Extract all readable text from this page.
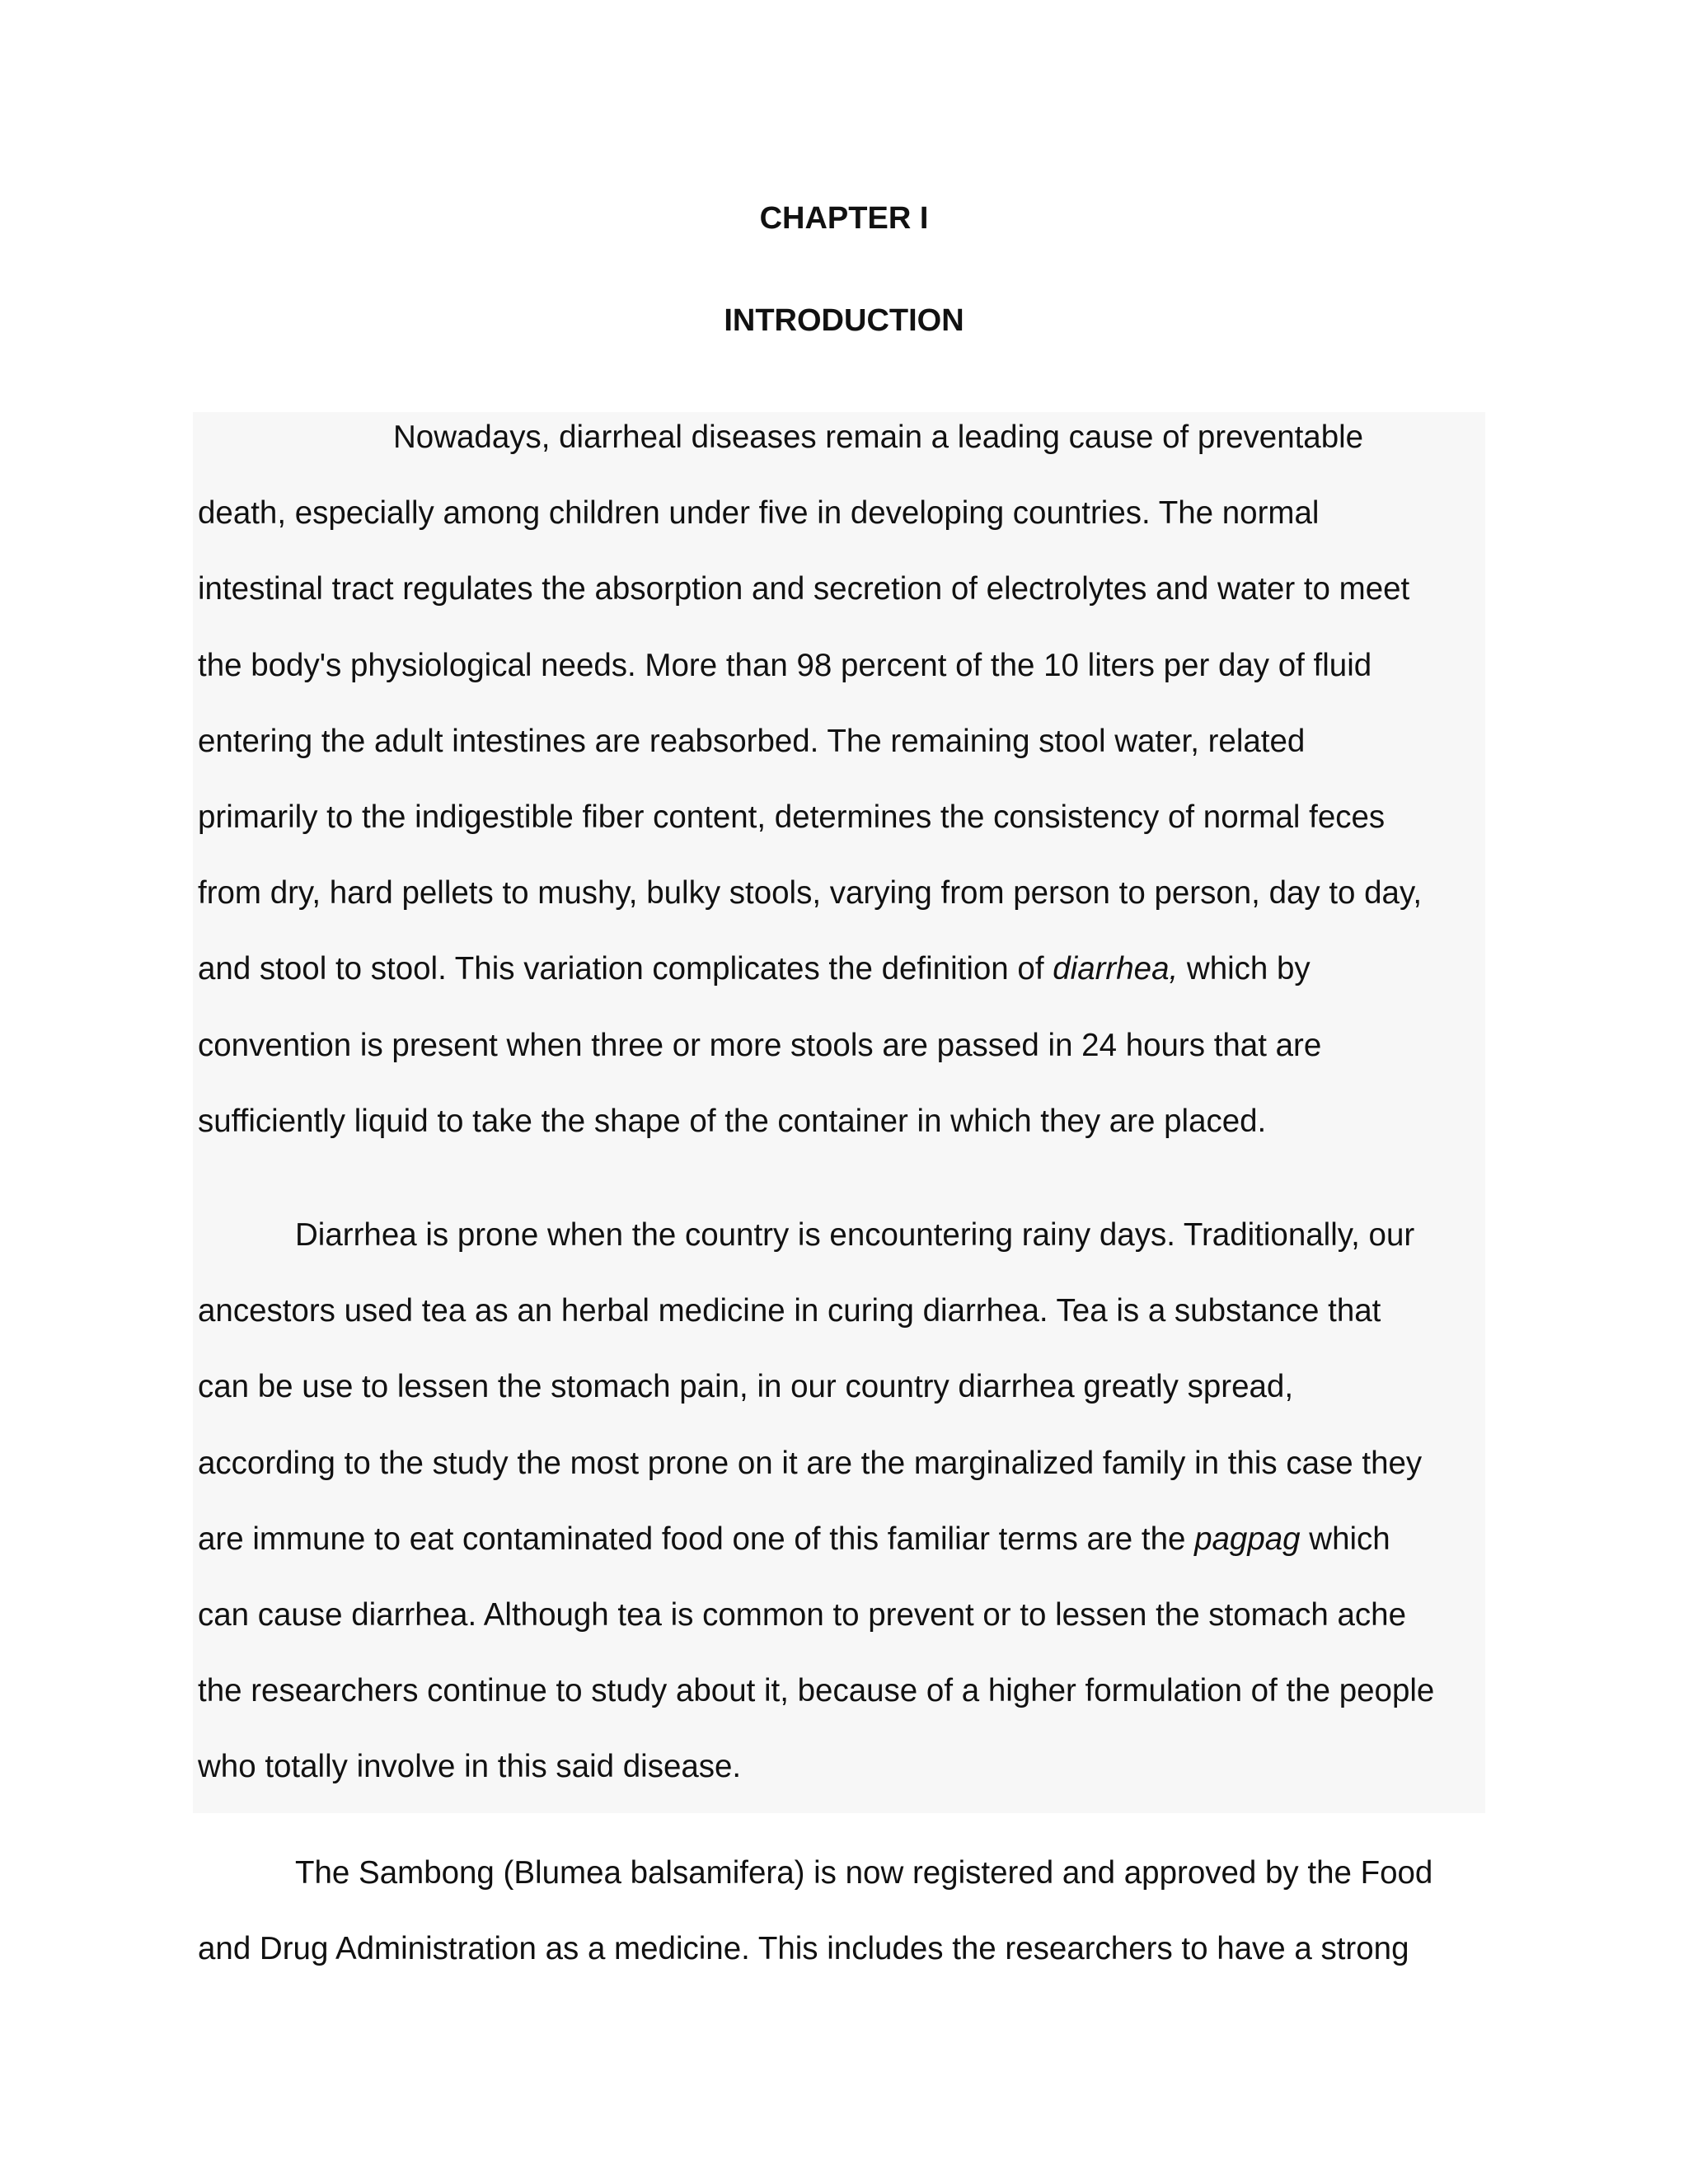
CHAPTER I
INTRODUCTION
Nowadays, diarrheal diseases remain a leading cause of preventable
death, especially among children under five in developing countries. The normal
intestinal tract regulates the absorption and secretion of electrolytes and water to meet
the body's physiological needs. More than 98 percent of the 10 liters per day of fluid
entering the adult intestines are reabsorbed. The remaining stool water, related
primarily to the indigestible fiber content, determines the consistency of normal feces
from dry, hard pellets to mushy, bulky stools, varying from person to person, day to day,
and stool to stool. This variation complicates the definition of diarrhea, which by
convention is present when three or more stools are passed in 24 hours that are
sufficiently liquid to take the shape of the container in which they are placed.
Diarrhea is prone when the country is encountering rainy days. Traditionally, our
ancestors used tea as an herbal medicine in curing diarrhea. Tea is a substance that
can be use to lessen the stomach pain, in our country diarrhea greatly spread,
according to the study the most prone on it are the marginalized family in this case they
are immune to eat contaminated food one of this familiar terms are the pagpag which
can cause diarrhea. Although tea is common to prevent or to lessen the stomach ache
the researchers continue to study about it, because of a higher formulation of the people
who totally involve in this said disease.
The Sambong (Blumea balsamifera) is now registered and approved by the Food
and Drug Administration as a medicine. This includes the researchers to have a strong
